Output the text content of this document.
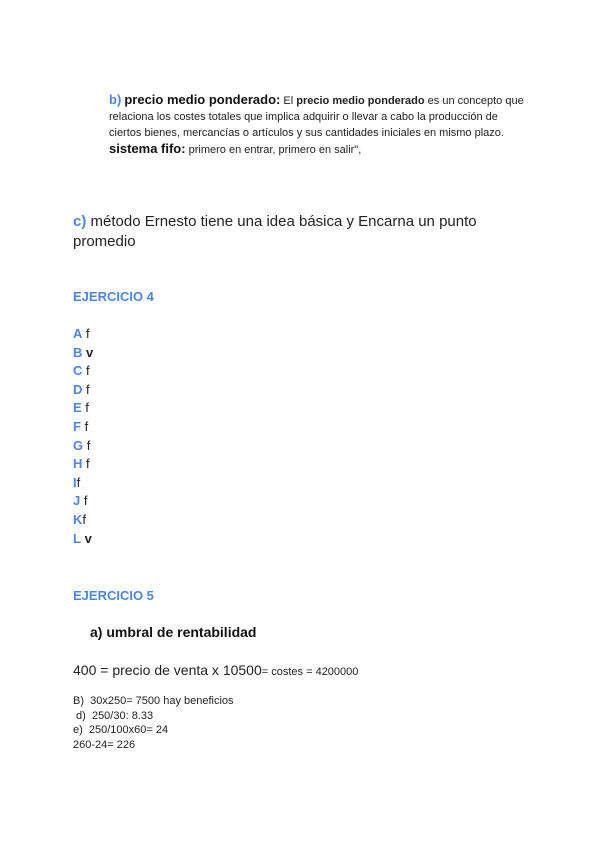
b) precio medio ponderado: El precio medio ponderado es un concepto que relaciona los costes totales que implica adquirir o llevar a cabo la producción de ciertos bienes, mercancías o artículos y sus cantidades iniciales en mismo plazo.
sistema fifo: primero en entrar, primero en salir",
c) método Ernesto tiene una idea básica y Encarna un punto promedio
EJERCICIO 4
A f
B v
C f
D f
E f
F f
G f
H f
If
J f
Kf
L v
EJERCICIO 5
a) umbral de rentabilidad
400 = precio de venta x 10500= costes = 4200000
B)  30x250= 7500 hay beneficios
d)  250/30: 8.33
e)  250/100x60= 24
260-24= 226
